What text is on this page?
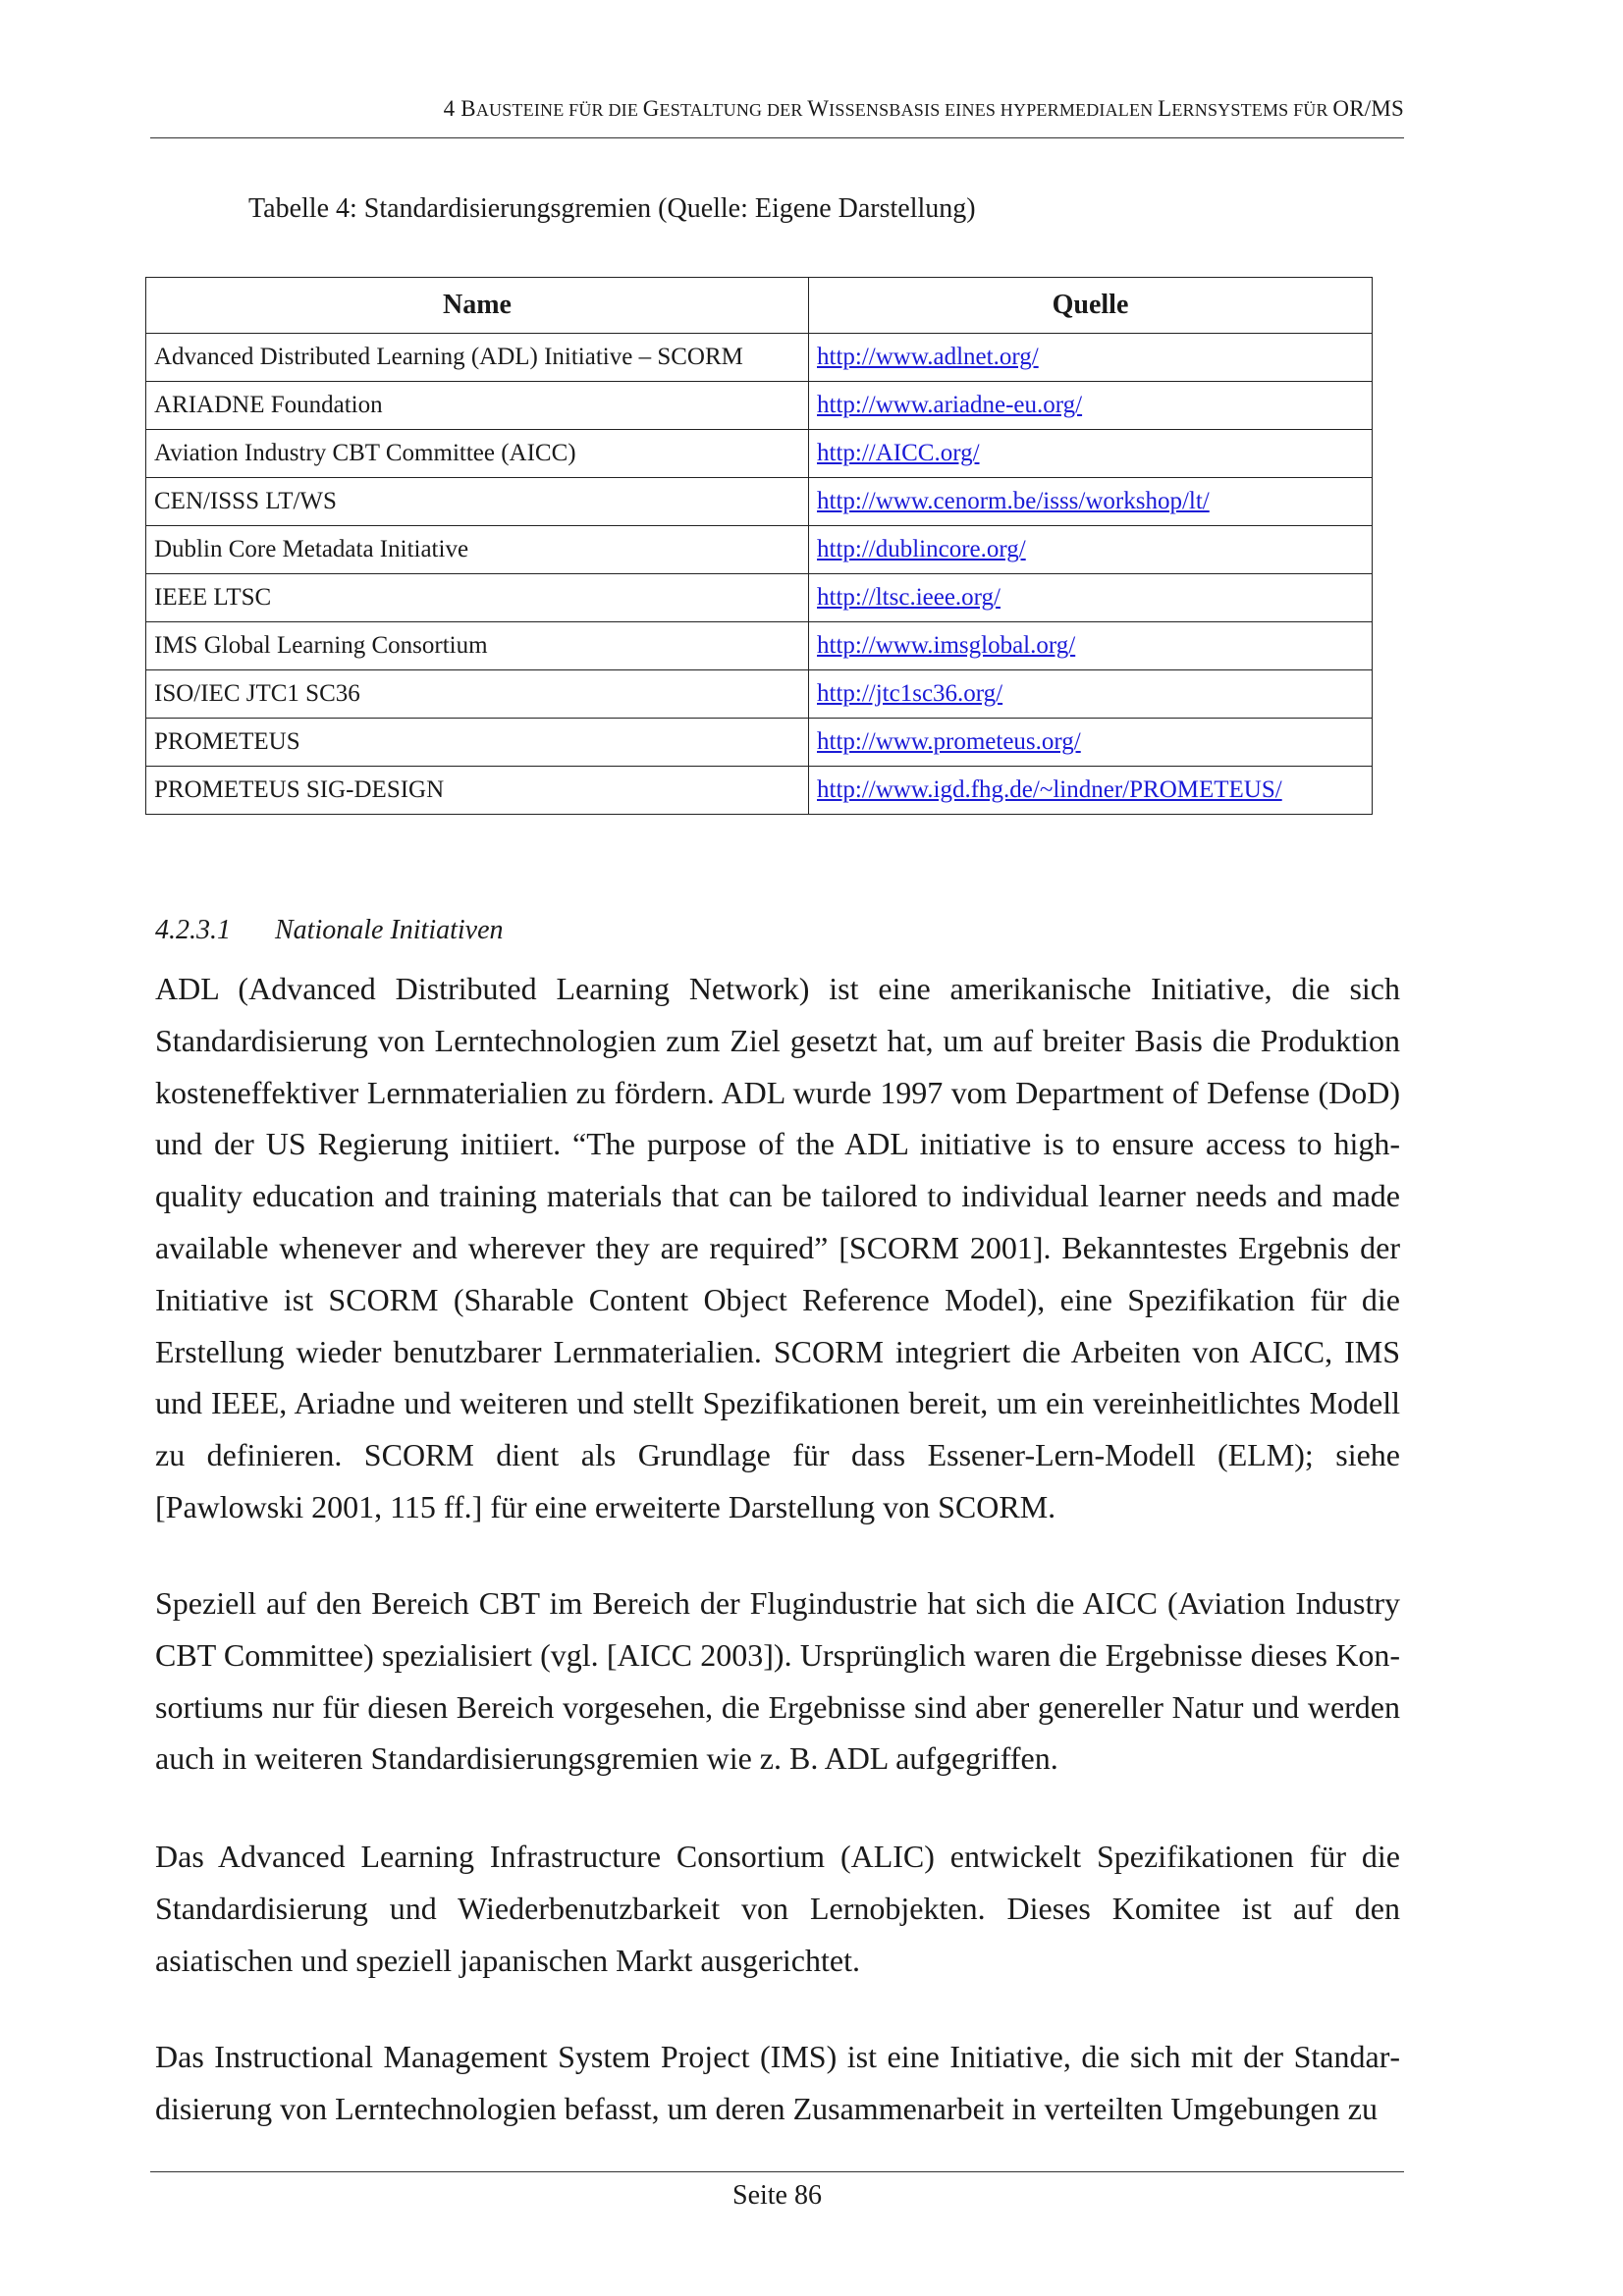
4 BAUSTEINE FÜR DIE GESTALTUNG DER WISSENSBASIS EINES HYPERMEDIALEN LERNSYSTEMS FÜR OR/MS
Tabelle 4: Standardisierungsgremien (Quelle: Eigene Darstellung)
Name	Quelle
Advanced Distributed Learning (ADL) Initiative – SCORM	http://www.adlnet.org/
ARIADNE Foundation	http://www.ariadne-eu.org/
Aviation Industry CBT Committee (AICC)	http://AICC.org/
CEN/ISSS LT/WS	http://www.cenorm.be/isss/workshop/lt/
Dublin Core Metadata Initiative	http://dublincore.org/
IEEE LTSC	http://ltsc.ieee.org/
IMS Global Learning Consortium	http://www.imsglobal.org/
ISO/IEC JTC1 SC36	http://jtc1sc36.org/
PROMETEUS	http://www.prometeus.org/
PROMETEUS SIG-DESIGN	http://www.igd.fhg.de/~lindner/PROMETEUS/
4.2.3.1 Nationale Initiativen

ADL (Advanced Distributed Learning Network) ist eine amerikanische Initiative, die sich Standardisierung von Lerntechnologien zum Ziel gesetzt hat, um auf breiter Basis die Produktion kosteneffektiver Lernmaterialien zu fördern. ADL wurde 1997 vom Department of Defense (DoD) und der US Regierung initiiert. “The purpose of the ADL initiative is to ensure access to high-quality education and training materials that can be tailored to individual learner needs and made available whenever and wherever they are required” [SCORM 2001]. Bekanntestes Ergebnis der Initiative ist SCORM (Sharable Content Object Reference Model), eine Spezifikation für die Erstellung wieder benutzbarer Lernmaterialien. SCORM integriert die Arbeiten von AICC, IMS und IEEE, Ariadne und weiteren und stellt Spezifikationen bereit, um ein vereinheitlichtes Modell zu definieren. SCORM dient als Grundlage für dass Essener-Lern-Modell (ELM); siehe [Pawlowski 2001, 115 ff.] für eine erweiterte Darstellung von SCORM.

Speziell auf den Bereich CBT im Bereich der Flugindustrie hat sich die AICC (Aviation Industry CBT Committee) spezialisiert (vgl. [AICC 2003]). Ursprünglich waren die Ergebnisse dieses Konsortiums nur für diesen Bereich vorgesehen, die Ergebnisse sind aber genereller Natur und werden auch in weiteren Standardisierungsgremien wie z. B. ADL aufgegriffen.

Das Advanced Learning Infrastructure Consortium (ALIC) entwickelt Spezifikationen für die Standardisierung und Wiederbenutzbarkeit von Lernobjekten. Dieses Komitee ist auf den asiatischen und speziell japanischen Markt ausgerichtet.

Das Instructional Management System Project (IMS) ist eine Initiative, die sich mit der Standardisierung von Lerntechnologien befasst, um deren Zusammenarbeit in verteilten Umgebungen zu

Seite 86
